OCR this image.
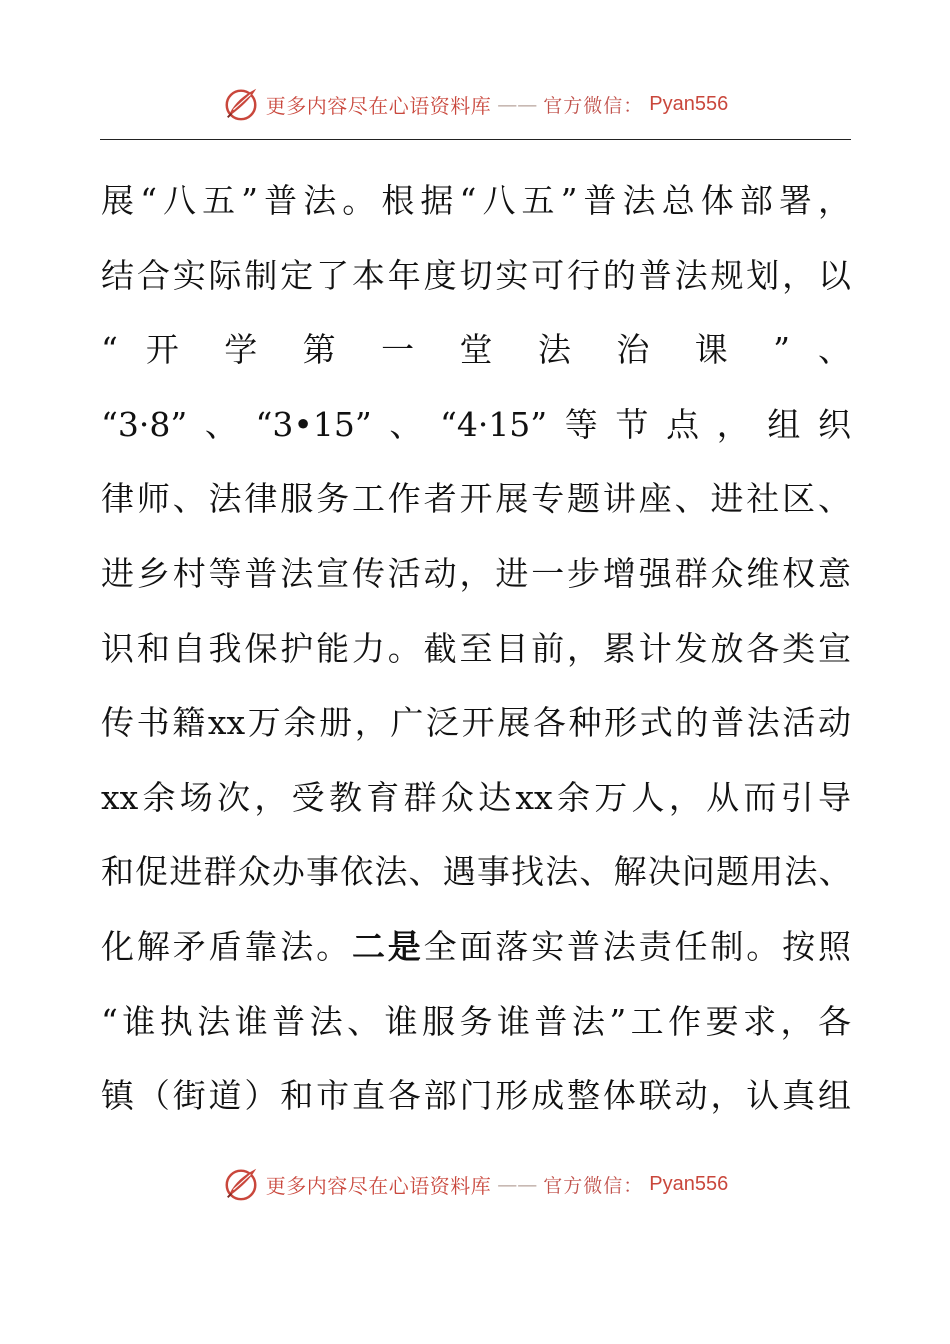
更多内容尽在心语资料库 —— 官方微信： Pyan556
展“八五”普法。根据“八五”普法总体部署，
结合实际制定了本年度切实可行的普法规划，以
“ 开 学 第 一 堂 法 治 课 ” 、
“3·8”、“3•15”、“4·15”等节点，组织
律师、法律服务工作者开展专题讲座、进社区、
进乡村等普法宣传活动，进一步增强群众维权意
识和自我保护能力。截至目前，累计发放各类宣
传书籍xx万余册，广泛开展各种形式的普法活动
xx余场次，受教育群众达xx余万人，从而引导
和促进群众办事依法、遇事找法、解决问题用法、
化解矛盾靠法。二是全面落实普法责任制。按照
“谁执法谁普法、谁服务谁普法”工作要求，各
镇（街道）和市直各部门形成整体联动，认真组
更多内容尽在心语资料库 —— 官方微信： Pyan556
